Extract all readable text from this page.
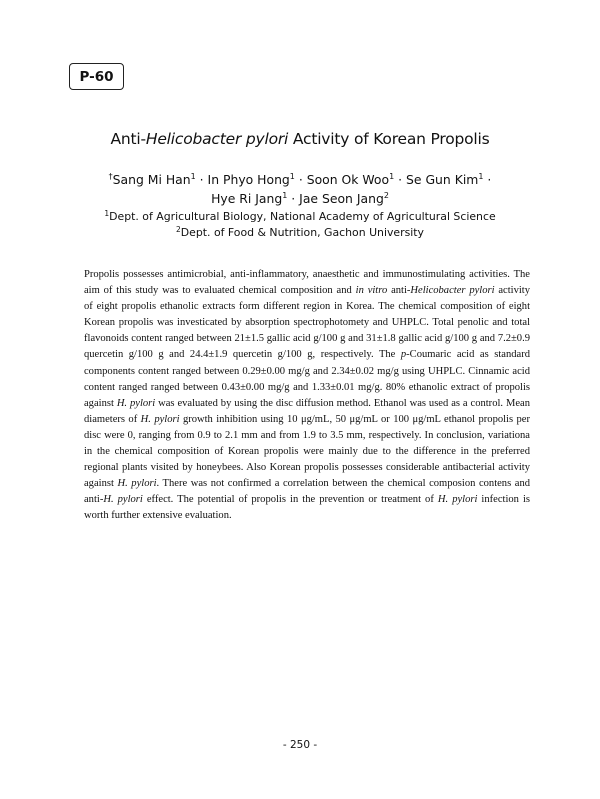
P-60
Anti-Helicobacter pylori Activity of Korean Propolis
†Sang Mi Han$^1$ · In Phyo Hong$^1$ · Soon Ok Woo$^1$ · Se Gun Kim$^1$ ·
Hye Ri Jang$^1$ · Jae Seon Jang$^2$
$^1$Dept. of Agricultural Biology, National Academy of Agricultural Science
$^2$Dept. of Food & Nutrition, Gachon University
Propolis possesses antimicrobial, anti-inflammatory, anaesthetic and immunostimulating activities. The
aim of this study was to evaluated chemical composition and in vitro anti-Helicobacter pylori activity
of eight propolis ethanolic extracts form different region in Korea. The chemical composition of eight
Korean propolis was investicated by absorption spectrophotomety and UHPLC. Total penolic and total
flavonoids content ranged between 21±1.5 gallic acid g/100 g and 31±1.8 gallic acid g/100 g and 7.2±0.9
quercetin g/100 g and 24.4±1.9 quercetin g/100 g, respectively. The p-Coumaric acid as standard
components content ranged between 0.29±0.00 mg/g and 2.34±0.02 mg/g using UHPLC. Cinnamic acid
content ranged ranged between 0.43±0.00 mg/g and 1.33±0.01 mg/g. 80% ethanolic extract of propolis
against H. pylori was evaluated by using the disc diffusion method. Ethanol was used as a control. Mean
diameters of H. pylori growth inhibition using 10 μg/mL, 50 μg/mL or 100 μg/mL ethanol propolis per
disc were 0, ranging from 0.9 to 2.1 mm and from 1.9 to 3.5 mm, respectively. In conclusion, variationa
in the chemical composition of Korean propolis were mainly due to the difference in the preferred
regional plants visited by honeybees. Also Korean propolis possesses considerable antibacterial activity
against H. pylori. There was not confirmed a correlation between the chemical composion contens and
anti-H. pylori effect. The potential of propolis in the prevention or treatment of H. pylori infection is
worth further extensive evaluation.
- 250 -
